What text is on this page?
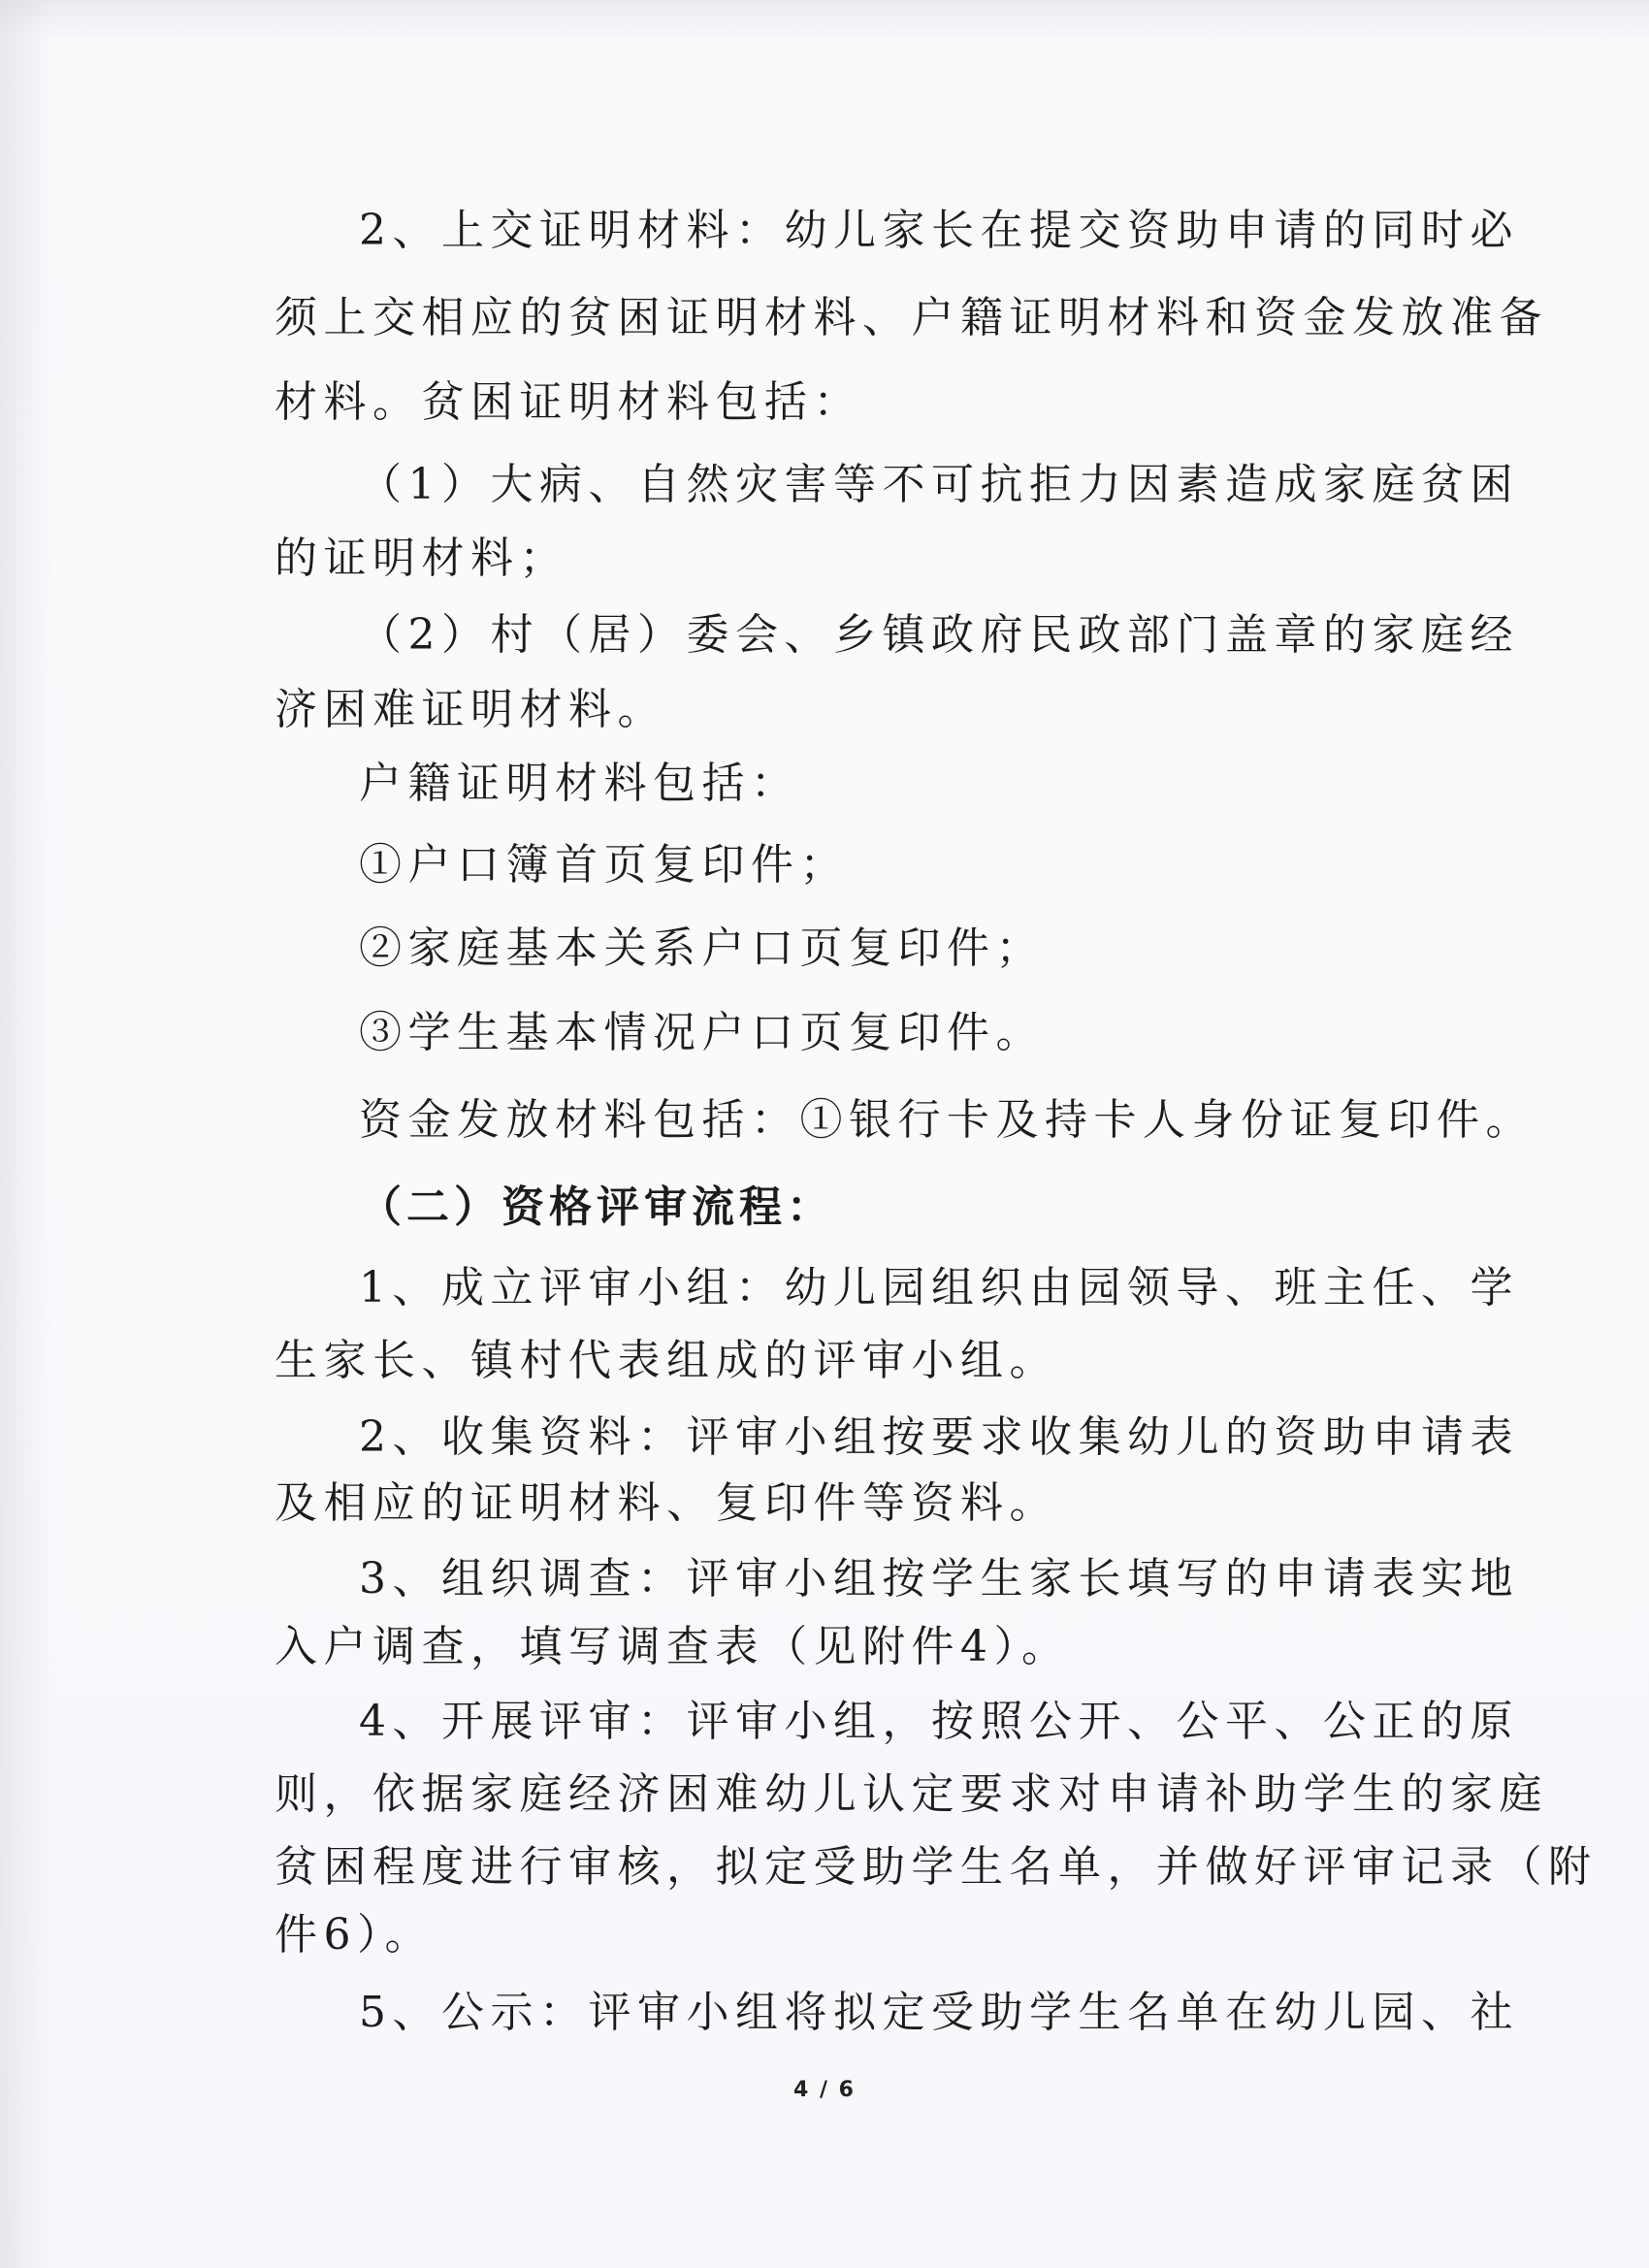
2、上交证明材料：幼儿家长在提交资助申请的同时必
须上交相应的贫困证明材料、户籍证明材料和资金发放准备
材料。贫困证明材料包括：
（1）大病、自然灾害等不可抗拒力因素造成家庭贫困
的证明材料；
（2）村（居）委会、乡镇政府民政部门盖章的家庭经
济困难证明材料。
户籍证明材料包括：
①户口簿首页复印件；
②家庭基本关系户口页复印件；
③学生基本情况户口页复印件。
资金发放材料包括：①银行卡及持卡人身份证复印件。
（二）资格评审流程：
1、成立评审小组：幼儿园组织由园领导、班主任、学
生家长、镇村代表组成的评审小组。
2、收集资料：评审小组按要求收集幼儿的资助申请表
及相应的证明材料、复印件等资料。
3、组织调查：评审小组按学生家长填写的申请表实地
入户调查，填写调查表（见附件4）。
4、开展评审：评审小组，按照公开、公平、公正的原
则，依据家庭经济困难幼儿认定要求对申请补助学生的家庭
贫困程度进行审核，拟定受助学生名单，并做好评审记录（附
件6）。
5、公示：评审小组将拟定受助学生名单在幼儿园、社
4 / 6
